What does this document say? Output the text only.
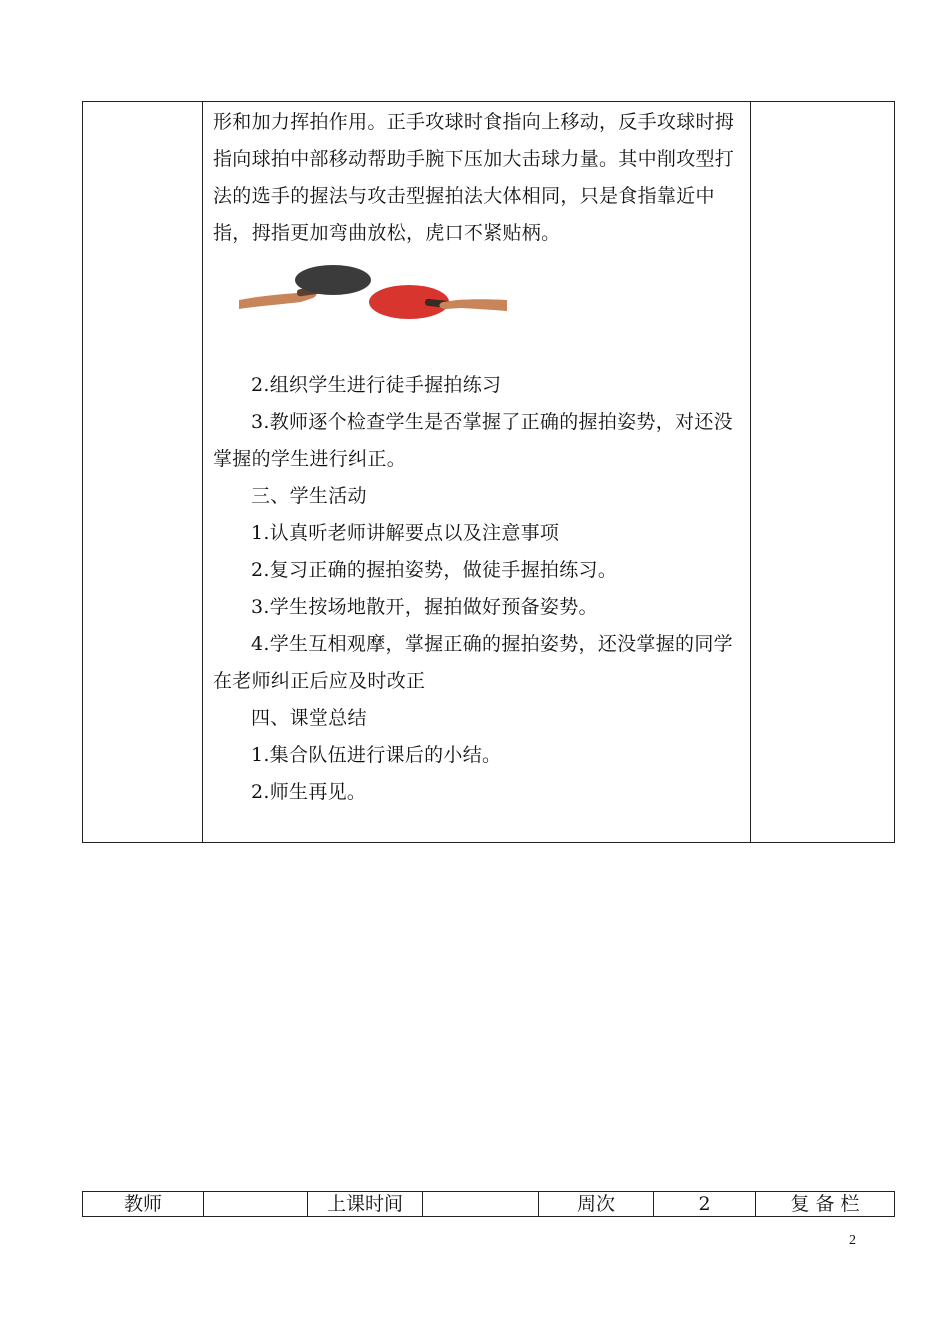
形和加力挥拍作用。正手攻球时食指向上移动，反手攻球时拇指向球拍中部移动帮助手腕下压加大击球力量。其中削攻型打法的选手的握法与攻击型握拍法大体相同，只是食指靠近中指，拇指更加弯曲放松，虎口不紧贴柄。

2.组织学生进行徒手握拍练习

3.教师逐个检查学生是否掌握了正确的握拍姿势，对还没掌握的学生进行纠正。

三、学生活动

1.认真听老师讲解要点以及注意事项

2.复习正确的握拍姿势，做徒手握拍练习。

3.学生按场地散开，握拍做好预备姿势。

4.学生互相观摩，掌握正确的握拍姿势，还没掌握的同学在老师纠正后应及时改正

四、课堂总结

1.集合队伍进行课后的小结。

2.师生再见。

教师		上课时间		周次	2	复 备 栏
2
